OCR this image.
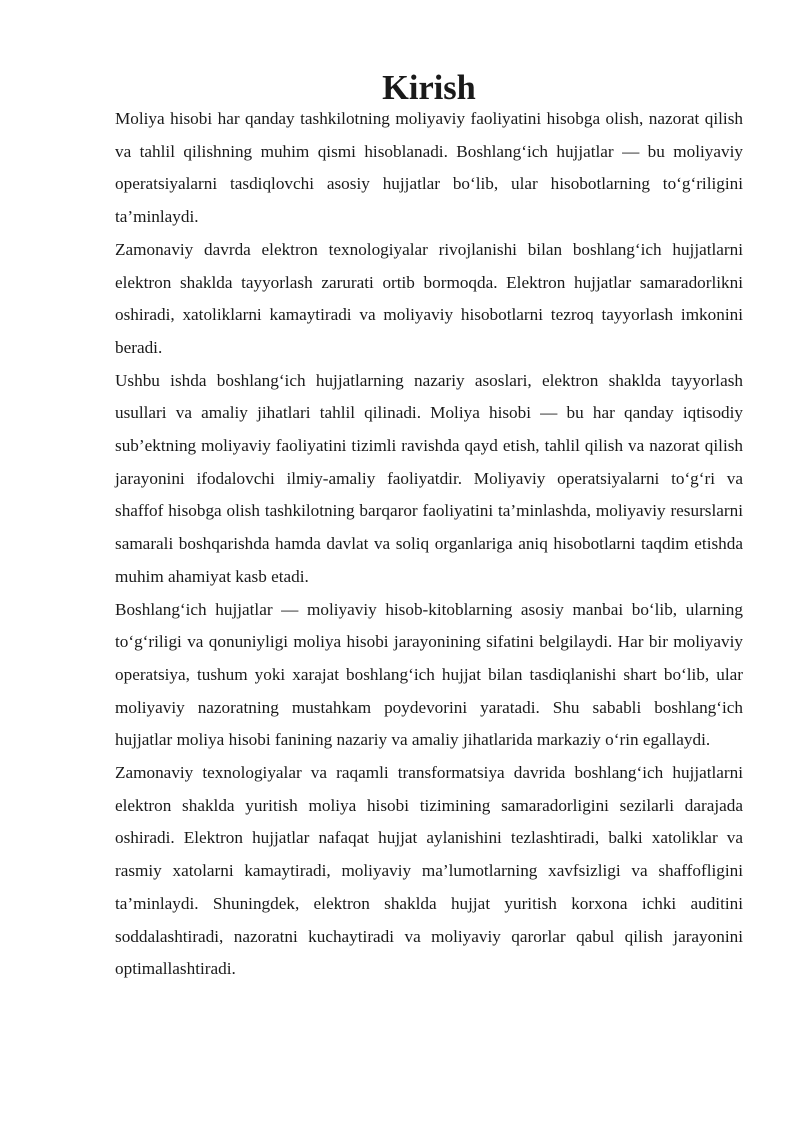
Kirish

Moliya hisobi har qanday tashkilotning moliyaviy faoliyatini hisobga olish, nazorat qilish va tahlil qilishning muhim qismi hisoblanadi. Boshlang‘ich hujjatlar — bu moliyaviy operatsiyalarni tasdiqlovchi asosiy hujjatlar bo‘lib, ular hisobotlarning to‘g‘riligini ta’minlaydi.

Zamonaviy davrda elektron texnologiyalar rivojlanishi bilan boshlang‘ich hujjatlarni elektron shaklda tayyorlash zarurati ortib bormoqda. Elektron hujjatlar samaradorlikni oshiradi, xatoliklarni kamaytiradi va moliyaviy hisobotlarni tezroq tayyorlash imkonini beradi.

Ushbu ishda boshlang‘ich hujjatlarning nazariy asoslari, elektron shaklda tayyorlash usullari va amaliy jihatlari tahlil qilinadi. Moliya hisobi — bu har qanday iqtisodiy sub’ektning moliyaviy faoliyatini tizimli ravishda qayd etish, tahlil qilish va nazorat qilish jarayonini ifodalovchi ilmiy-amaliy faoliyatdir. Moliyaviy operatsiyalarni to‘g‘ri va shaffof hisobga olish tashkilotning barqaror faoliyatini ta’minlashda, moliyaviy resurslarni samarali boshqarishda hamda davlat va soliq organlariga aniq hisobotlarni taqdim etishda muhim ahamiyat kasb etadi.

Boshlang‘ich hujjatlar — moliyaviy hisob-kitoblarning asosiy manbai bo‘lib, ularning to‘g‘riligi va qonuniyligi moliya hisobi jarayonining sifatini belgilaydi. Har bir moliyaviy operatsiya, tushum yoki xarajat boshlang‘ich hujjat bilan tasdiqlanishi shart bo‘lib, ular moliyaviy nazoratning mustahkam poydevorini yaratadi. Shu sababli boshlang‘ich hujjatlar moliya hisobi fanining nazariy va amaliy jihatlarida markaziy o‘rin egallaydi.

Zamonaviy texnologiyalar va raqamli transformatsiya davrida boshlang‘ich hujjatlarni elektron shaklda yuritish moliya hisobi tizimining samaradorligini sezilarli darajada oshiradi. Elektron hujjatlar nafaqat hujjat aylanishini tezlashtiradi, balki xatoliklar va rasmiy xatolarni kamaytiradi, moliyaviy ma’lumotlarning xavfsizligi va shaffofligini ta’minlaydi. Shuningdek, elektron shaklda hujjat yuritish korxona ichki auditini soddalashtiradi, nazoratni kuchaytiradi va moliyaviy qarorlar qabul qilish jarayonini optimallashtiradi.
